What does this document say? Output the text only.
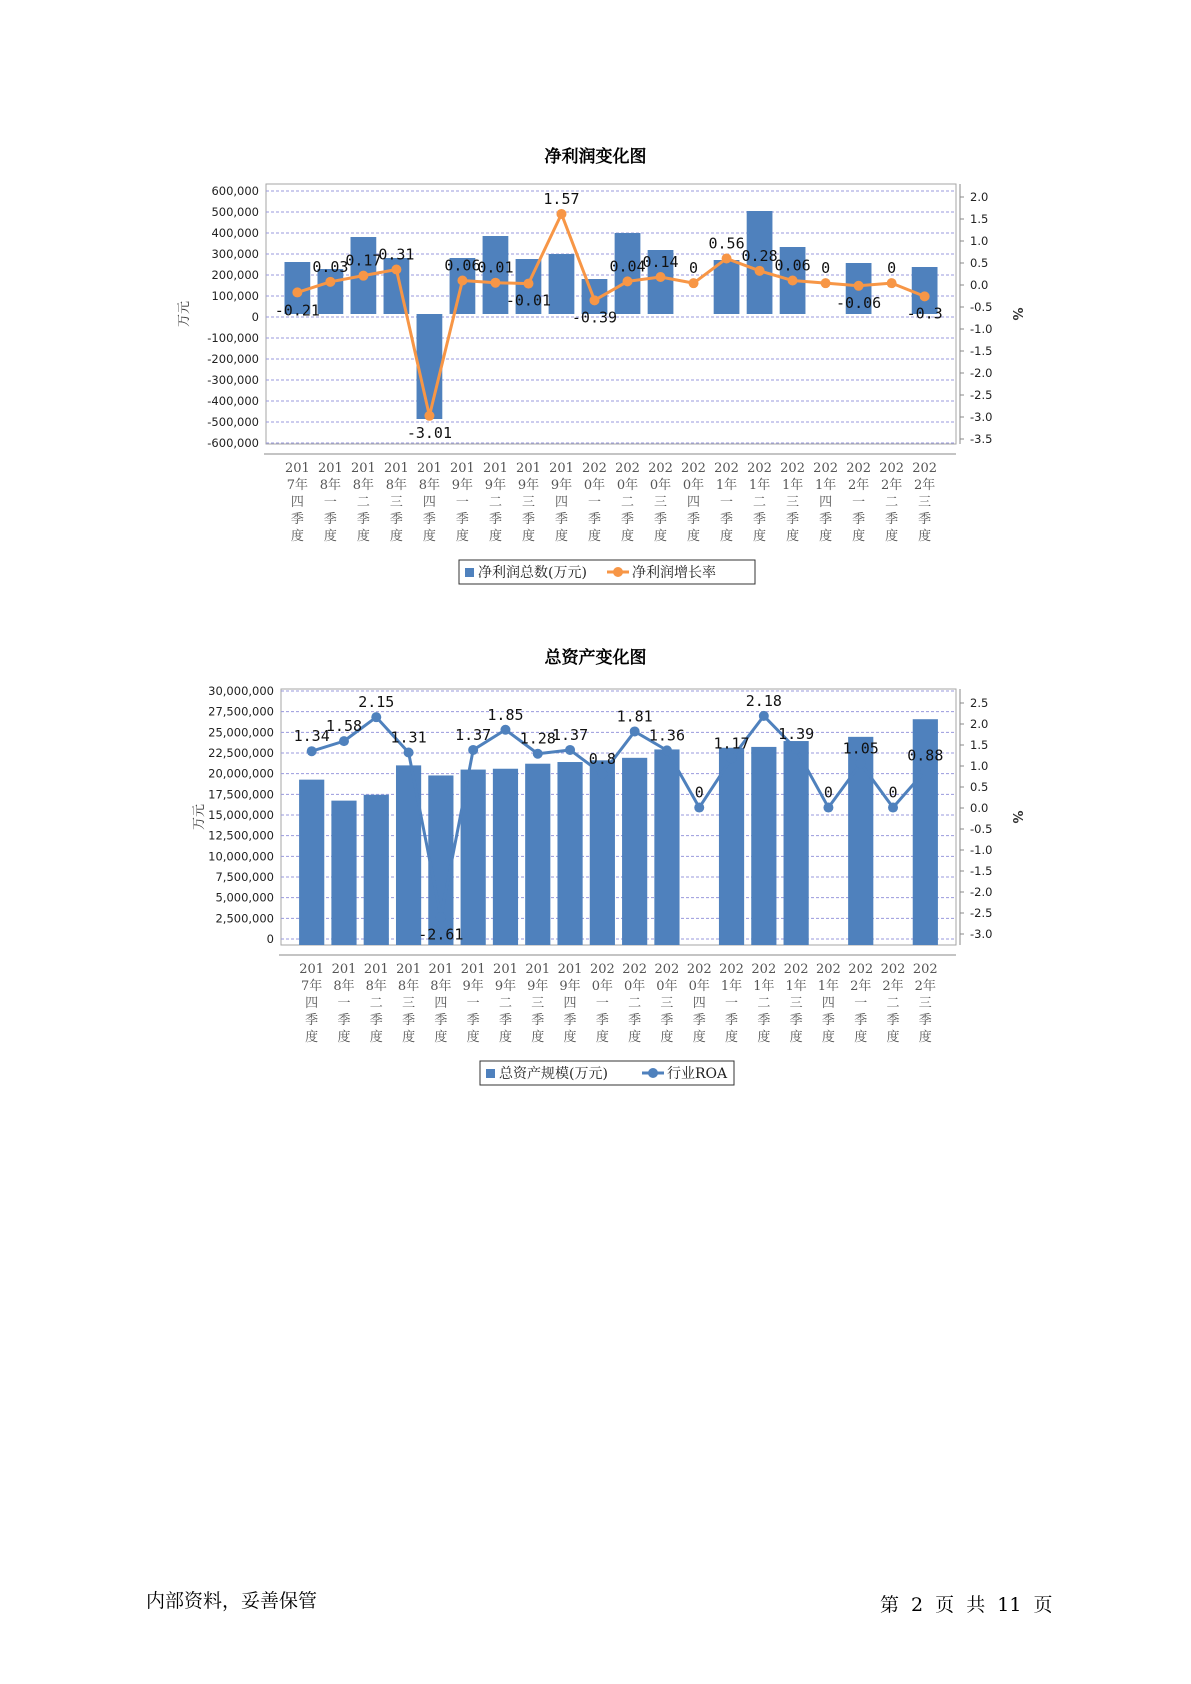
净利润变化图
总资产变化图
600,000
500,000
400,000
300,000
200,000
100,000
0
-100,000
-200,000
-300,000
-400,000
-500,000
-600,000
2.0
1.5
1.0
0.5
0.0
-0.5
-1.0
-1.5
-2.0
-2.5
-3.0
-3.5
万元	%
-0.21
0.03
0.17
0.31
-3.01
0.06
0.01
-0.01
1.57
-0.39
0.04
0.14 0
0.56
0.28
0.06 0
-0.06
0
-0.3
201 7年四季度
201 8年一季度
201 8年二季度
201 8年三季度
201 8年四季度
201 9年一季度
201 9年二季度
201 9年三季度
201 9年四季度
202 0年一季度
202 0年二季度
202 0年三季度
202 0年四季度
202 1年一季度
202 1年二季度
202 1年三季度
202 1年四季度
202 2年一季度
202 2年二季度
202 2年三季度
净利润总数(万元)	净利润增长率
30,000,000
27,500,000
25,000,000
22,500,000
20,000,000
17,500,000
15,000,000
12,500,000
10,000,000
7,500,000
5,000,000
2,500,000
0
2.5
2.0
1.5
1.0
0.5
0.0
-0.5
-1.0
-1.5
-2.0
-2.5
-3.0
万元	%
1.34
1.58
2.15
1.31
-2.61
1.37
1.85
1.28
1.37
0.8
1.81
1.36
0
1.17
2.18
1.39
0
1.05
0
0.88
201 7年四季度
201 8年一季度
201 8年二季度
201 8年三季度
201 8年四季度
201 9年一季度
201 9年二季度
201 9年三季度
201 9年四季度
202 0年一季度
202 0年二季度
202 0年三季度
202 0年四季度
202 1年一季度
202 1年二季度
202 1年三季度
202 1年四季度
202 2年一季度
202 2年二季度
202 2年三季度
总资产规模(万元)	行业ROA
内部资料，妥善保管	第 2 页 共 11 页
